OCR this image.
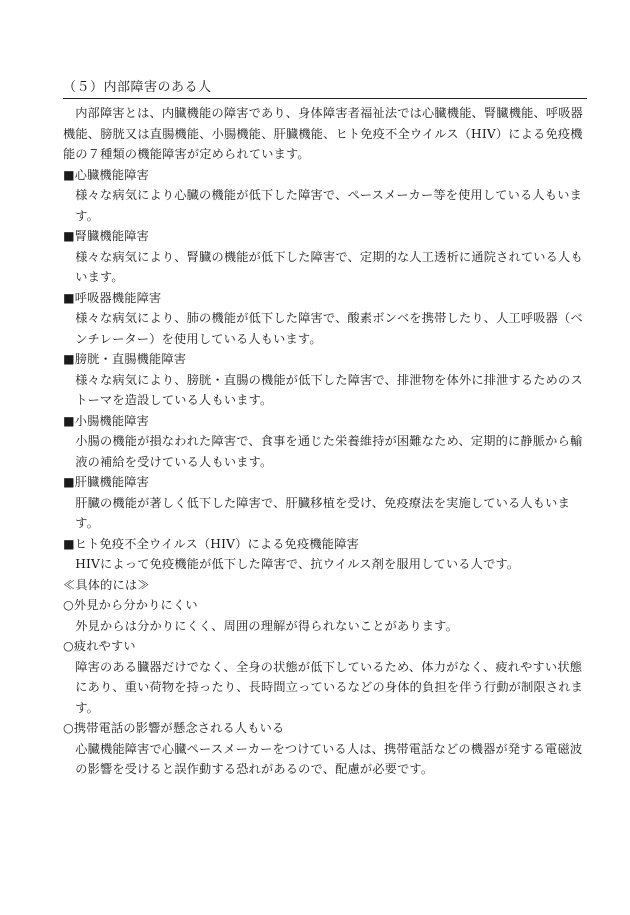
（５）内部障害のある人

内部障害とは、内臓機能の障害であり、身体障害者福祉法では心臓機能、腎臓機能、呼吸器機能、膀胱又は直腸機能、小腸機能、肝臓機能、ヒト免疫不全ウイルス（HIV）による免疫機能の７種類の機能障害が定められています。

■心臓機能障害

様々な病気により心臓の機能が低下した障害で、ペースメーカー等を使用している人もいます。

■腎臓機能障害

様々な病気により、腎臓の機能が低下した障害で、定期的な人工透析に通院されている人もいます。

■呼吸器機能障害

様々な病気により、肺の機能が低下した障害で、酸素ボンベを携帯したり、人工呼吸器（ベンチレーター）を使用している人もいます。

■膀胱・直腸機能障害

様々な病気により、膀胱・直腸の機能が低下した障害で、排泄物を体外に排泄するためのストーマを造設している人もいます。

■小腸機能障害

小腸の機能が損なわれた障害で、食事を通じた栄養維持が困難なため、定期的に静脈から輸液の補給を受けている人もいます。

■肝臓機能障害

肝臓の機能が著しく低下した障害で、肝臓移植を受け、免疫療法を実施している人もいます。

■ヒト免疫不全ウイルス（HIV）による免疫機能障害

HIVによって免疫機能が低下した障害で、抗ウイルス剤を服用している人です。

≪具体的には≫

○外見から分かりにくい

外見からは分かりにくく、周囲の理解が得られないことがあります。

○疲れやすい

障害のある臓器だけでなく、全身の状態が低下しているため、体力がなく、疲れやすい状態にあり、重い荷物を持ったり、長時間立っているなどの身体的負担を伴う行動が制限されます。

○携帯電話の影響が懸念される人もいる

心臓機能障害で心臓ペースメーカーをつけている人は、携帯電話などの機器が発する電磁波の影響を受けると誤作動する恐れがあるので、配慮が必要です。
